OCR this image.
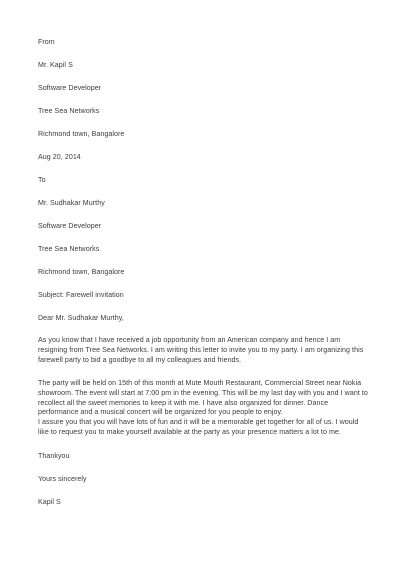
From
Mr. Kapil S
Software Developer
Tree Sea Networks
Richmond town, Bangalore
Aug 20, 2014
To
Mr. Sudhakar Murthy
Software Developer
Tree Sea Networks
Richmond town, Bangalore
Subject: Farewell invitation
Dear Mr. Sudhakar Murthy,
As you know that I have received a job opportunity from an American company and hence I am
resigning from Tree Sea Networks. I am writing this letter to invite you to my party. I am organizing this
farewell party to bid a goodbye to all my colleagues and friends.
The party will be held on 15th of this month at Mute Mouth Restaurant, Commercial Street near Nokia
showroom. The event will start at 7:00 pm in the evening. This will be my last day with you and I want to
recollect all the sweet memories to keep it with me. I have also organized for dinner. Dance
performance and a musical concert will be organized for you people to enjoy.
I assure you that you will have lots of fun and it will be a memorable get together for all of us. I would
like to request you to make yourself available at the party as your presence matters a lot to me.
Thankyou
Yours sincerely
Kapil S
